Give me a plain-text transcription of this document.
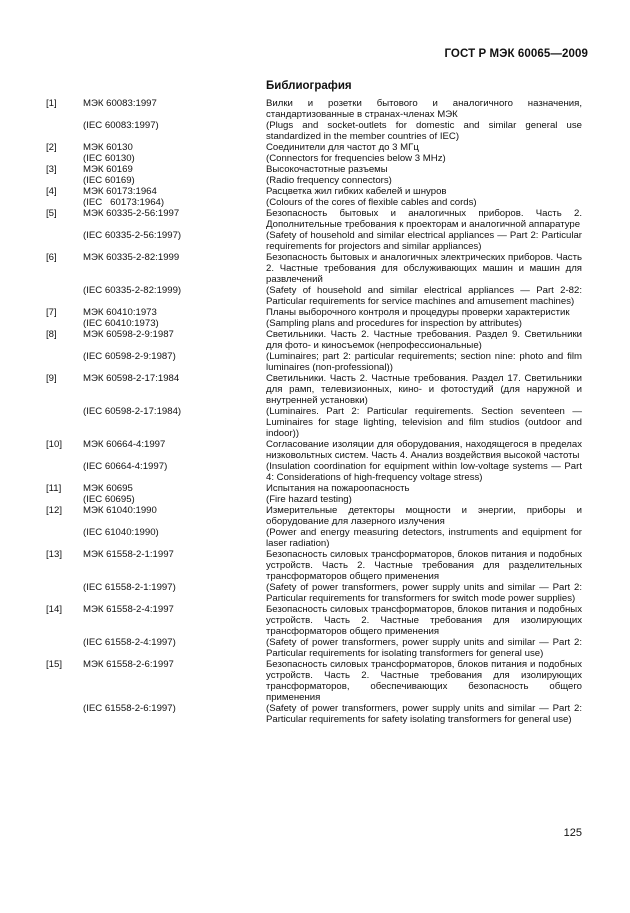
ГОСТ Р МЭК 60065—2009
Библиография
[1]	МЭК 60083:1997	Вилки и розетки бытового и аналогичного назначения, стандартизованные в странах-членах МЭК
(IEC 60083:1997)	(Plugs and socket-outlets for domestic and similar general use standardized in the member countries of IEC)
[2]	МЭК 60130	Соединители для частот до 3 МГц
(IEC 60130)	(Connectors for frequencies below 3 MHz)
[3]	МЭК 60169	Высокочастотные разъемы
(IEC 60169)	(Radio frequency connectors)
[4]	МЭК 60173:1964	Расцветка жил гибких кабелей и шнуров
(IEC   60173:1964)	(Colours of the cores of flexible cables and cords)
[5]	МЭК 60335-2-56:1997	Безопасность бытовых и аналогичных приборов. Часть 2. Дополнительные требования к проекторам и аналогичной аппаратуре
(IEC 60335-2-56:1997)	(Safety of household and similar electrical appliances — Part 2: Particular requirements for projectors and similar appliances)
[6]	МЭК 60335-2-82:1999	Безопасность бытовых и аналогичных электрических приборов. Часть 2. Частные требования для обслуживающих машин и машин для развлечений
(IEC 60335-2-82:1999)	(Safety of household and similar electrical appliances — Part 2-82: Particular requirements for service machines and amusement machines)
[7]	МЭК 60410:1973	Планы выборочного контроля и процедуры проверки характеристик
(IEC 60410:1973)	(Sampling plans and procedures for inspection by attributes)
[8]	МЭК 60598-2-9:1987	Светильники. Часть 2. Частные требования. Раздел 9. Светильники для фото- и киносъемок (непрофессиональные)
(IEC 60598-2-9:1987)	(Luminaires; part 2: particular requirements; section nine: photo and film luminaires (non-professional))
[9]	МЭК 60598-2-17:1984	Светильники. Часть 2. Частные требования. Раздел 17. Светильники для рамп, телевизионных, кино- и фотостудий (для наружной и внутренней установки)
(IEC 60598-2-17:1984)	(Luminaires. Part 2: Particular requirements. Section seventeen — Luminaires for stage lighting, television and film studios (outdoor and indoor))
[10]	МЭК 60664-4:1997	Согласование изоляции для оборудования, находящегося в пределах низковольтных систем. Часть 4. Анализ воздействия высокой частоты
(IEC 60664-4:1997)	(Insulation coordination for equipment within low-voltage systems — Part 4: Considerations of high-frequency voltage stress)
[11]	МЭК 60695	Испытания на пожароопасность
(IEC 60695)	(Fire hazard testing)
[12]	МЭК 61040:1990	Измерительные детекторы мощности и энергии, приборы и оборудование для лазерного излучения
(IEC 61040:1990)	(Power and energy measuring detectors, instruments and equipment for laser radiation)
[13]	МЭК 61558-2-1:1997	Безопасность силовых трансформаторов, блоков питания и подобных устройств. Часть 2. Частные требования для разделительных трансформаторов общего применения
(IEC 61558-2-1:1997)	(Safety of power transformers, power supply units and similar — Part 2: Particular requirements for transformers for switch mode power supplies)
[14]	МЭК 61558-2-4:1997	Безопасность силовых трансформаторов, блоков питания и подобных устройств. Часть 2. Частные требования для изолирующих трансформаторов общего применения
(IEC 61558-2-4:1997)	(Safety of power transformers, power supply units and similar — Part 2: Particular requirements for isolating transformers for general use)
[15]	МЭК 61558-2-6:1997	Безопасность силовых трансформаторов, блоков питания и подобных устройств. Часть 2. Частные требования для изолирующих трансформаторов, обеспечивающих безопасность общего применения
(IEC 61558-2-6:1997)	(Safety of power transformers, power supply units and similar — Part 2: Particular requirements for safety isolating transformers for general use)
125
